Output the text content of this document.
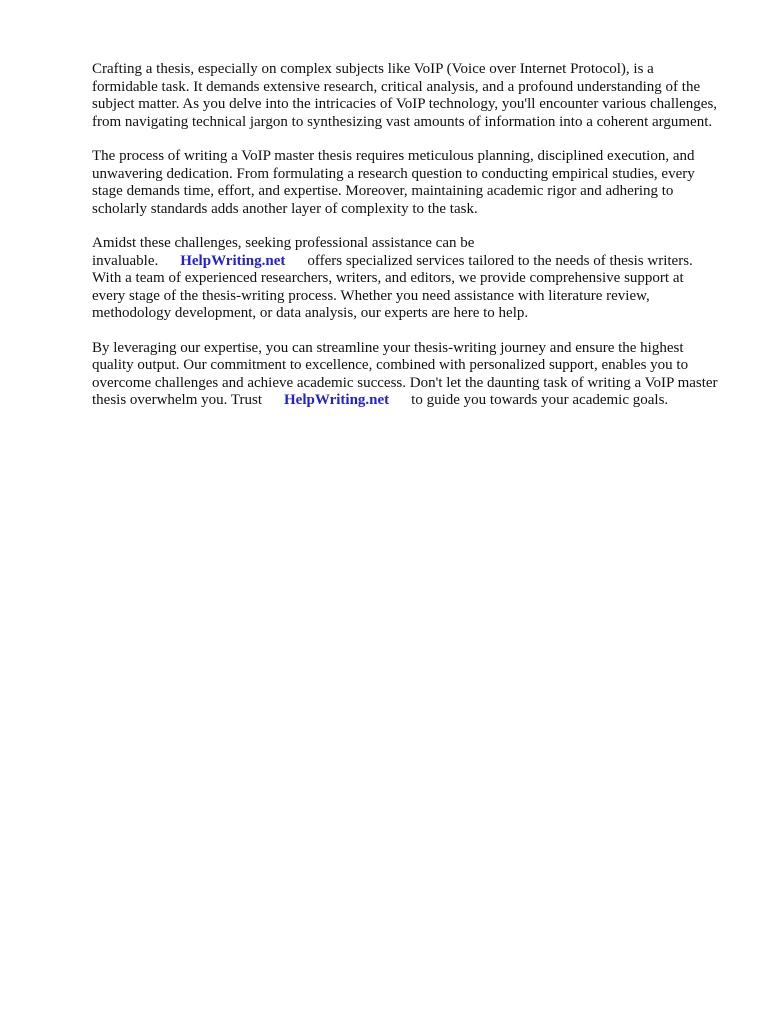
Crafting a thesis, especially on complex subjects like VoIP (Voice over Internet Protocol), is a formidable task. It demands extensive research, critical analysis, and a profound understanding of the subject matter. As you delve into the intricacies of VoIP technology, you'll encounter various challenges, from navigating technical jargon to synthesizing vast amounts of information into a coherent argument.

The process of writing a VoIP master thesis requires meticulous planning, disciplined execution, and unwavering dedication. From formulating a research question to conducting empirical studies, every stage demands time, effort, and expertise. Moreover, maintaining academic rigor and adhering to scholarly standards adds another layer of complexity to the task.

Amidst these challenges, seeking professional assistance can be invaluable. HelpWriting.net offers specialized services tailored to the needs of thesis writers. With a team of experienced researchers, writers, and editors, we provide comprehensive support at every stage of the thesis-writing process. Whether you need assistance with literature review, methodology development, or data analysis, our experts are here to help.

By leveraging our expertise, you can streamline your thesis-writing journey and ensure the highest quality output. Our commitment to excellence, combined with personalized support, enables you to overcome challenges and achieve academic success. Don't let the daunting task of writing a VoIP master thesis overwhelm you. Trust HelpWriting.net to guide you towards your academic goals.
